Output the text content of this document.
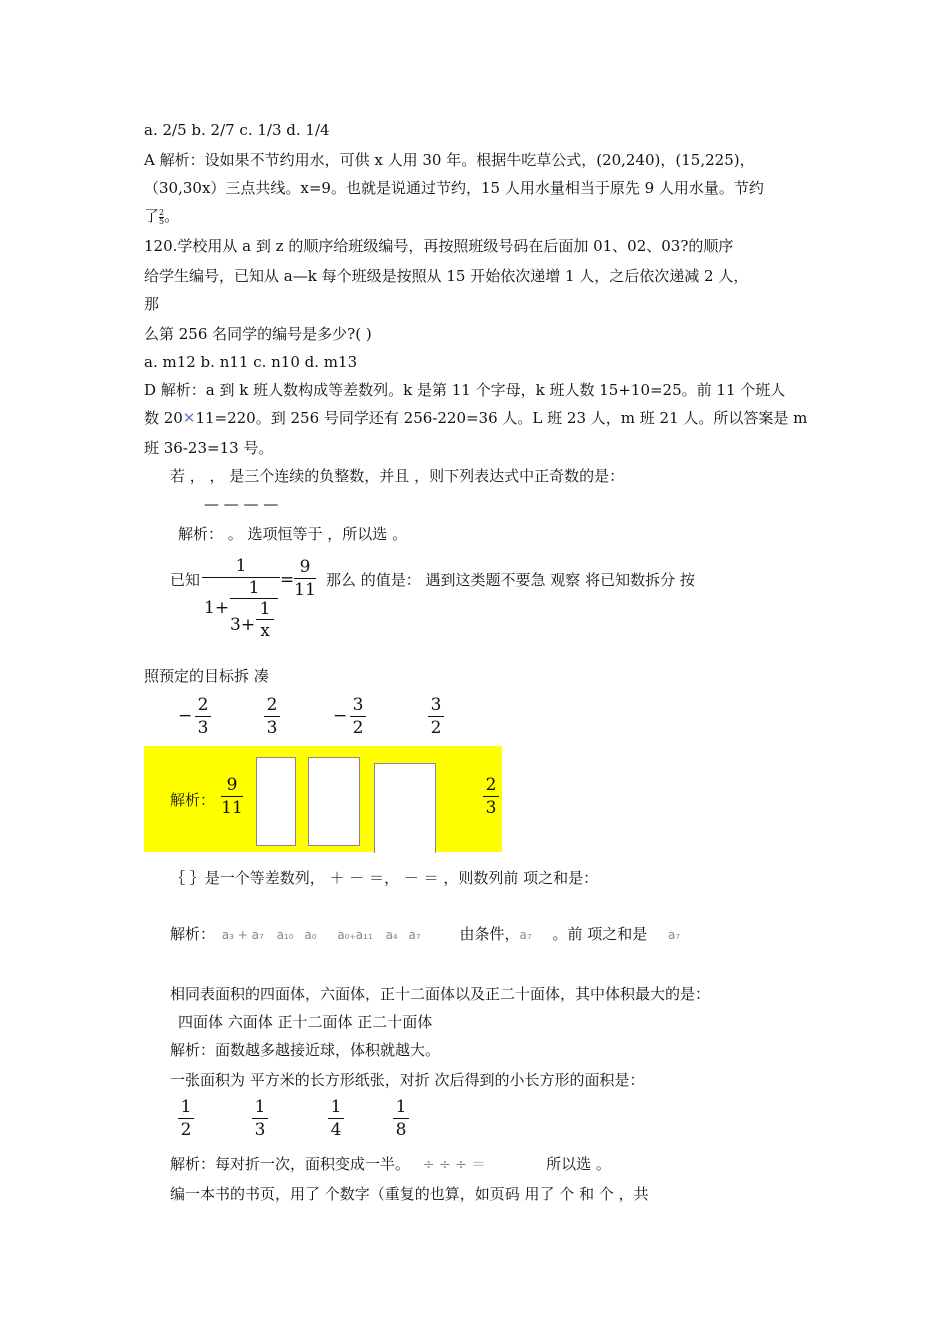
a. 2/5 b. 2/7 c. 1/3 d. 1/4
A 解析：设如果不节约用水，可供 x 人用 30 年。根据牛吃草公式，(20,240)，(15,225)，
（30,30x）三点共线。x=9。也就是说通过节约，15 人用水量相当于原先 9 人用水量。节约
了 $\frac{2}{5}$ 。
120.学校用从 a 到 z 的顺序给班级编号，再按照班级号码在后面加 01、02、03?的顺序
给学生编号，已知从 a—k 每个班级是按照从 15 开始依次递增 1 人，之后依次递减 2 人，
那
么第 256 名同学的编号是多少?( )
a. m12 b. n11 c. n10 d. m13
D 解析：a 到 k 班人数构成等差数列。k 是第 11 个字母，k 班人数 15+10=25。前 11 个班人
数 20✕11=220。到 256 号同学还有 256-220=36 人。L 班 23 人，m 班 21 人。所以答案是 m
班 36-23=13 号。
若 ， ， 是三个连续的负整数，并且 ，则下列表达式中正奇数的是：
— — — —
解析： 。 选项恒等于 ，所以选 。
已知
1
1+
1
3+
1
x
=
9
11 那么 的值是： 遇到这类题不要急 观察 将已知数拆分 按
照预定的目标拆 凑
−
2
3
2
3
−
3
2
3
2
解析：
9
11
2
3
｛ ｝是一个等差数列， ＋ － ＝， － ＝ ，则数列前 项之和是：
解析： a₃ + a₇ a₁₀ a₀ a₀₊a₁₁ a₄ a₇	由条件，a₇ 。前 项之和是 a₇
相同表面积的四面体，六面体，正十二面体以及正二十面体，其中体积最大的是：
四面体 六面体 正十二面体 正二十面体
解析：面数越多越接近球，体积就越大。
一张面积为 平方米的长方形纸张，对折 次后得到的小长方形的面积是：
1
2
1
3
1
4
1
8
解析：每对折一次，面积变成一半。 ÷ ÷ ÷ ＝	所以选 。
编一本书的书页，用了 个数字（重复的也算，如页码 用了 个 和 个 ，共
